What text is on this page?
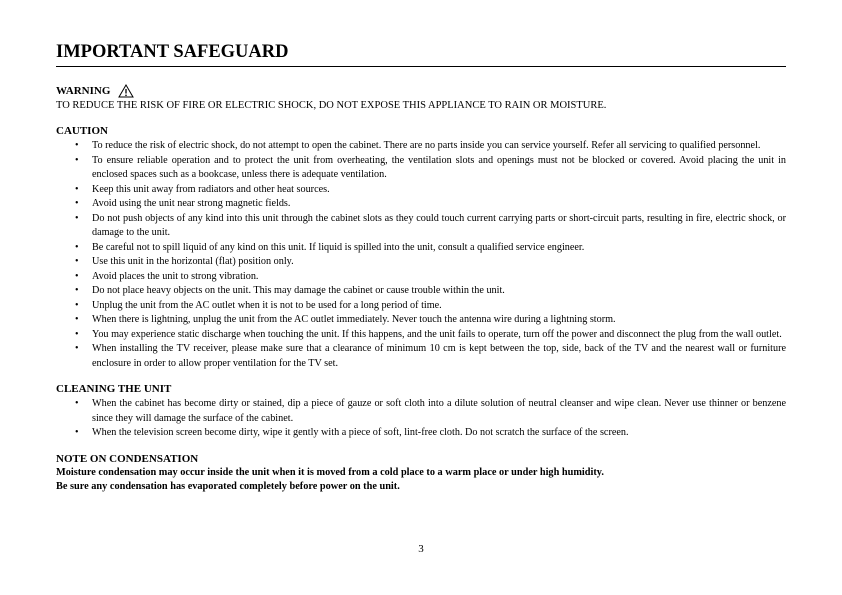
IMPORTANT SAFEGUARD
WARNING
TO REDUCE THE RISK OF FIRE OR ELECTRIC SHOCK, DO NOT EXPOSE THIS APPLIANCE TO RAIN OR MOISTURE.
CAUTION
• To reduce the risk of electric shock, do not attempt to open the cabinet. There are no parts inside you can service yourself. Refer all servicing to qualified personnel.
• To ensure reliable operation and to protect the unit from overheating, the ventilation slots and openings must not be blocked or covered. Avoid placing the unit in enclosed spaces such as a bookcase, unless there is adequate ventilation.
• Keep this unit away from radiators and other heat sources.
• Avoid using the unit near strong magnetic fields.
• Do not push objects of any kind into this unit through the cabinet slots as they could touch current carrying parts or short-circuit parts, resulting in fire, electric shock, or damage to the unit.
• Be careful not to spill liquid of any kind on this unit. If liquid is spilled into the unit, consult a qualified service engineer.
• Use this unit in the horizontal (flat) position only.
• Avoid places the unit to strong vibration.
• Do not place heavy objects on the unit. This may damage the cabinet or cause trouble within the unit.
• Unplug the unit from the AC outlet when it is not to be used for a long period of time.
• When there is lightning, unplug the unit from the AC outlet immediately. Never touch the antenna wire during a lightning storm.
• You may experience static discharge when touching the unit. If this happens, and the unit fails to operate, turn off the power and disconnect the plug from the wall outlet.
• When installing the TV receiver, please make sure that a clearance of minimum 10 cm is kept between the top, side, back of the TV and the nearest wall or furniture enclosure in order to allow proper ventilation for the TV set.
CLEANING THE UNIT
• When the cabinet has become dirty or stained, dip a piece of gauze or soft cloth into a dilute solution of neutral cleanser and wipe clean. Never use thinner or benzene since they will damage the surface of the cabinet.
• When the television screen become dirty, wipe it gently with a piece of soft, lint-free cloth. Do not scratch the surface of the screen.
NOTE ON CONDENSATION
Moisture condensation may occur inside the unit when it is moved from a cold place to a warm place or under high humidity.
Be sure any condensation has evaporated completely before power on the unit.
3
